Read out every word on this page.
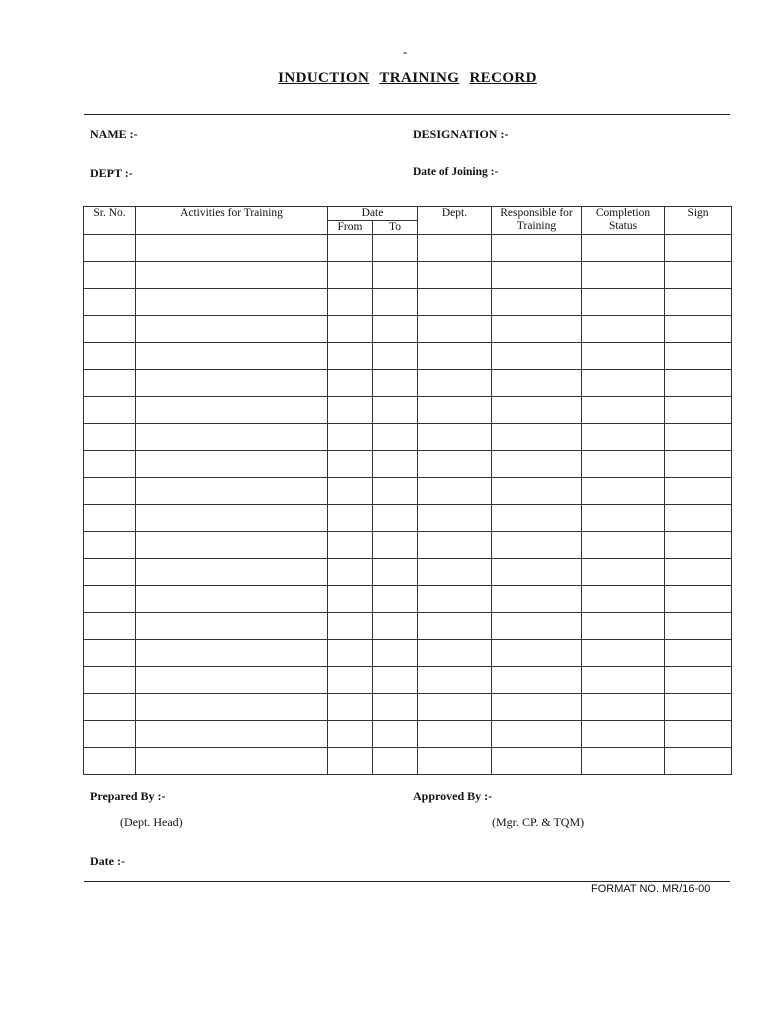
-
INDUCTION TRAINING RECORD
NAME :-	DESIGNATION :-
DEPT :-	Date of Joining :-
Sr. No.	Activities for Training	Date		Dept.	Responsible for Training	Completion Status	Sign
		From	To				

Prepared By :-	Approved By :-
(Dept. Head)	(Mgr. CP. & TQM)
Date :-
FORMAT NO. MR/16-00
